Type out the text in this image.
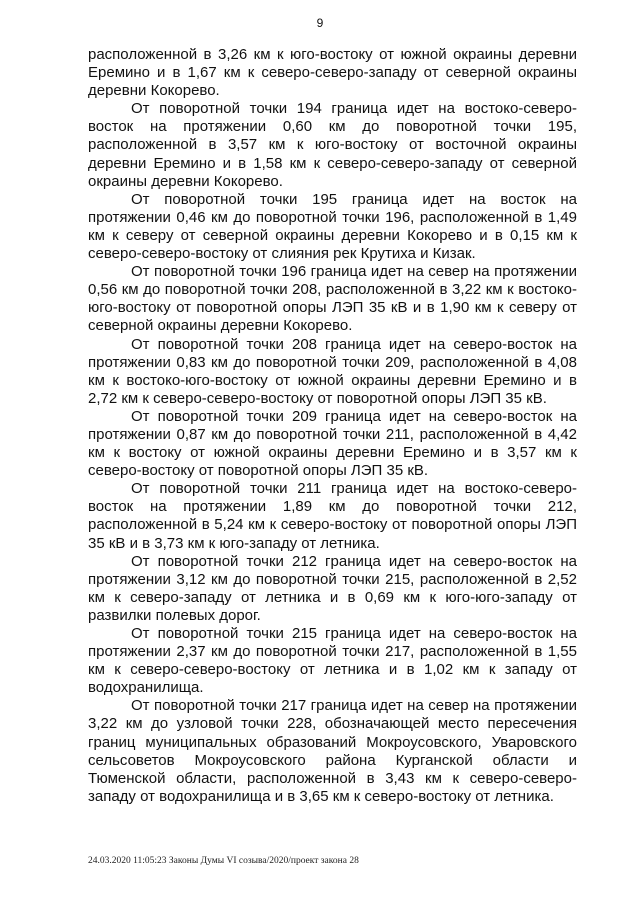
9

расположенной в 3,26 км к юго-востоку от южной окраины деревни Еремино и в 1,67 км к северо-северо-западу от северной окраины деревни Кокорево.

От поворотной точки 194 граница идет на востоко-северо-восток на протяжении 0,60 км до поворотной точки 195, расположенной в 3,57 км к юго-востоку от восточной окраины деревни Еремино и в 1,58 км к северо-северо-западу от северной окраины деревни Кокорево.

От поворотной точки 195 граница идет на восток на протяжении 0,46 км до поворотной точки 196, расположенной в 1,49 км к северу от северной окраины деревни Кокорево и в 0,15 км к северо-северо-востоку от слияния рек Крутиха и Кизак.

От поворотной точки 196 граница идет на север на протяжении 0,56 км до поворотной точки 208, расположенной в 3,22 км к востоко-юго-востоку от поворотной опоры ЛЭП 35 кВ и в 1,90 км к северу от северной окраины деревни Кокорево.

От поворотной точки 208 граница идет на северо-восток на протяжении 0,83 км до поворотной точки 209, расположенной в 4,08 км к востоко-юго-востоку от южной окраины деревни Еремино и в 2,72 км к северо-северо-востоку от поворотной опоры ЛЭП 35 кВ.

От поворотной точки 209 граница идет на северо-восток на протяжении 0,87 км до поворотной точки 211, расположенной в 4,42 км к востоку от южной окраины деревни Еремино и в 3,57 км к северо-востоку от поворотной опоры ЛЭП 35 кВ.

От поворотной точки 211 граница идет на востоко-северо-восток на протяжении 1,89 км до поворотной точки 212, расположенной в 5,24 км к северо-востоку от поворотной опоры ЛЭП 35 кВ и в 3,73 км к юго-западу от летника.

От поворотной точки 212 граница идет на северо-восток на протяжении 3,12 км до поворотной точки 215, расположенной в 2,52 км к северо-западу от летника и в 0,69 км к юго-юго-западу от развилки полевых дорог.

От поворотной точки 215 граница идет на северо-восток на протяжении 2,37 км до поворотной точки 217, расположенной в 1,55 км к северо-северо-востоку от летника и в 1,02 км к западу от водохранилища.

От поворотной точки 217 граница идет на север на протяжении 3,22 км до узловой точки 228, обозначающей место пересечения границ муниципальных образований Мокроусовского, Уваровского сельсоветов Мокроусовского района Курганской области и Тюменской области, расположенной в 3,43 км к северо-северо-западу от водохранилища и в 3,65 км к северо-востоку от летника.

24.03.2020 11:05:23 Законы Думы VI созыва/2020/проект закона 28
